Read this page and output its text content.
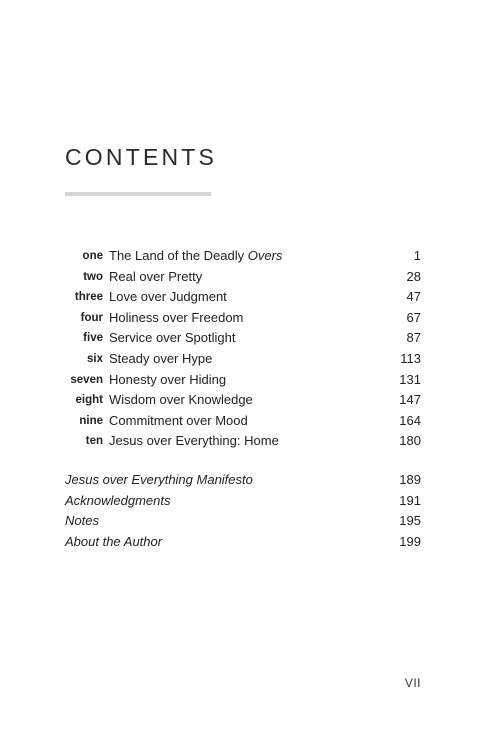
CONTENTS
one The Land of the Deadly Overs	1
two Real over Pretty	28
three Love over Judgment	47
four Holiness over Freedom	67
five Service over Spotlight	87
six Steady over Hype	113
seven Honesty over Hiding	131
eight Wisdom over Knowledge	147
nine Commitment over Mood	164
ten Jesus over Everything: Home	180
Jesus over Everything Manifesto	189
Acknowledgments	191
Notes	195
About the Author	199
VII
